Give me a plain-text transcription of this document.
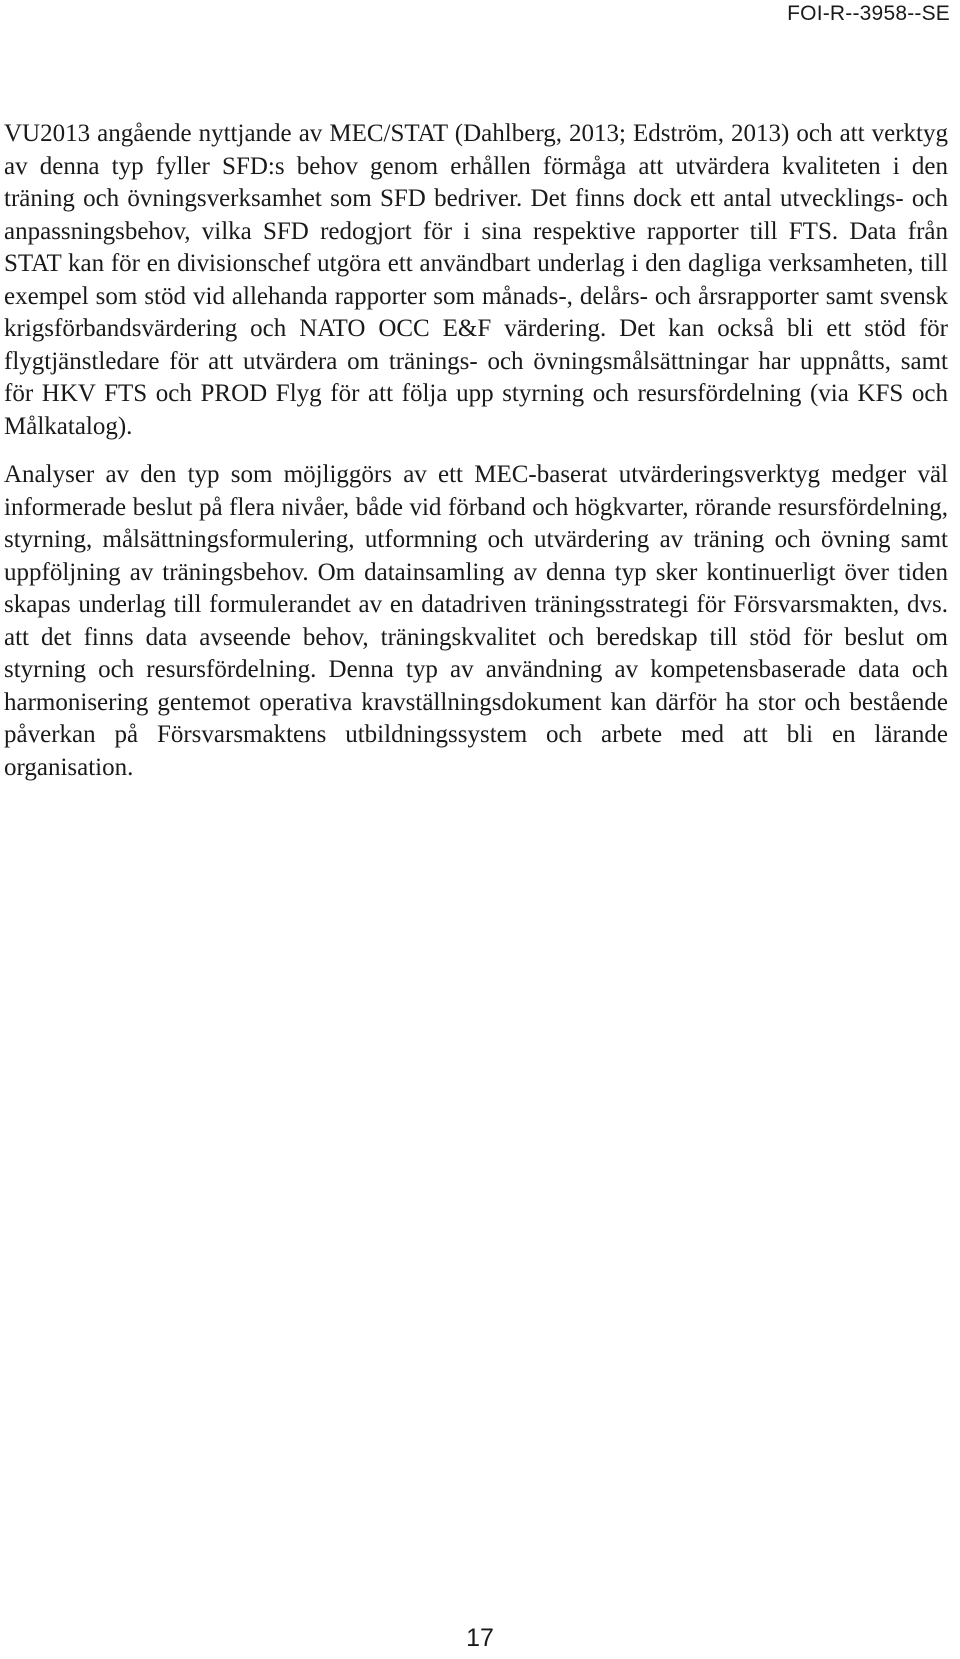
FOI-R--3958--SE

VU2013 angående nyttjande av MEC/STAT (Dahlberg, 2013; Edström, 2013) och att verktyg av denna typ fyller SFD:s behov genom erhållen förmåga att utvärdera kvaliteten i den träning och övningsverksamhet som SFD bedriver. Det finns dock ett antal utvecklings- och anpassningsbehov, vilka SFD redogjort för i sina respektive rapporter till FTS. Data från STAT kan för en divisionschef utgöra ett användbart underlag i den dagliga verksamheten, till exempel som stöd vid allehanda rapporter som månads-, delårs- och årsrapporter samt svensk krigsförbandsvärdering och NATO OCC E&F värdering. Det kan också bli ett stöd för flygtjänstledare för att utvärdera om tränings- och övningsmålsättningar har uppnåtts, samt för HKV FTS och PROD Flyg för att följa upp styrning och resursfördelning (via KFS och Målkatalog).

Analyser av den typ som möjliggörs av ett MEC-baserat utvärderingsverktyg medger väl informerade beslut på flera nivåer, både vid förband och högkvarter, rörande resursfördelning, styrning, målsättningsformulering, utformning och utvärdering av träning och övning samt uppföljning av träningsbehov. Om datainsamling av denna typ sker kontinuerligt över tiden skapas underlag till formulerandet av en datadriven träningsstrategi för Försvarsmakten, dvs. att det finns data avseende behov, träningskvalitet och beredskap till stöd för beslut om styrning och resursfördelning. Denna typ av användning av kompetensbaserade data och harmonisering gentemot operativa kravställningsdokument kan därför ha stor och bestående påverkan på Försvarsmaktens utbildningssystem och arbete med att bli en lärande organisation.

17
